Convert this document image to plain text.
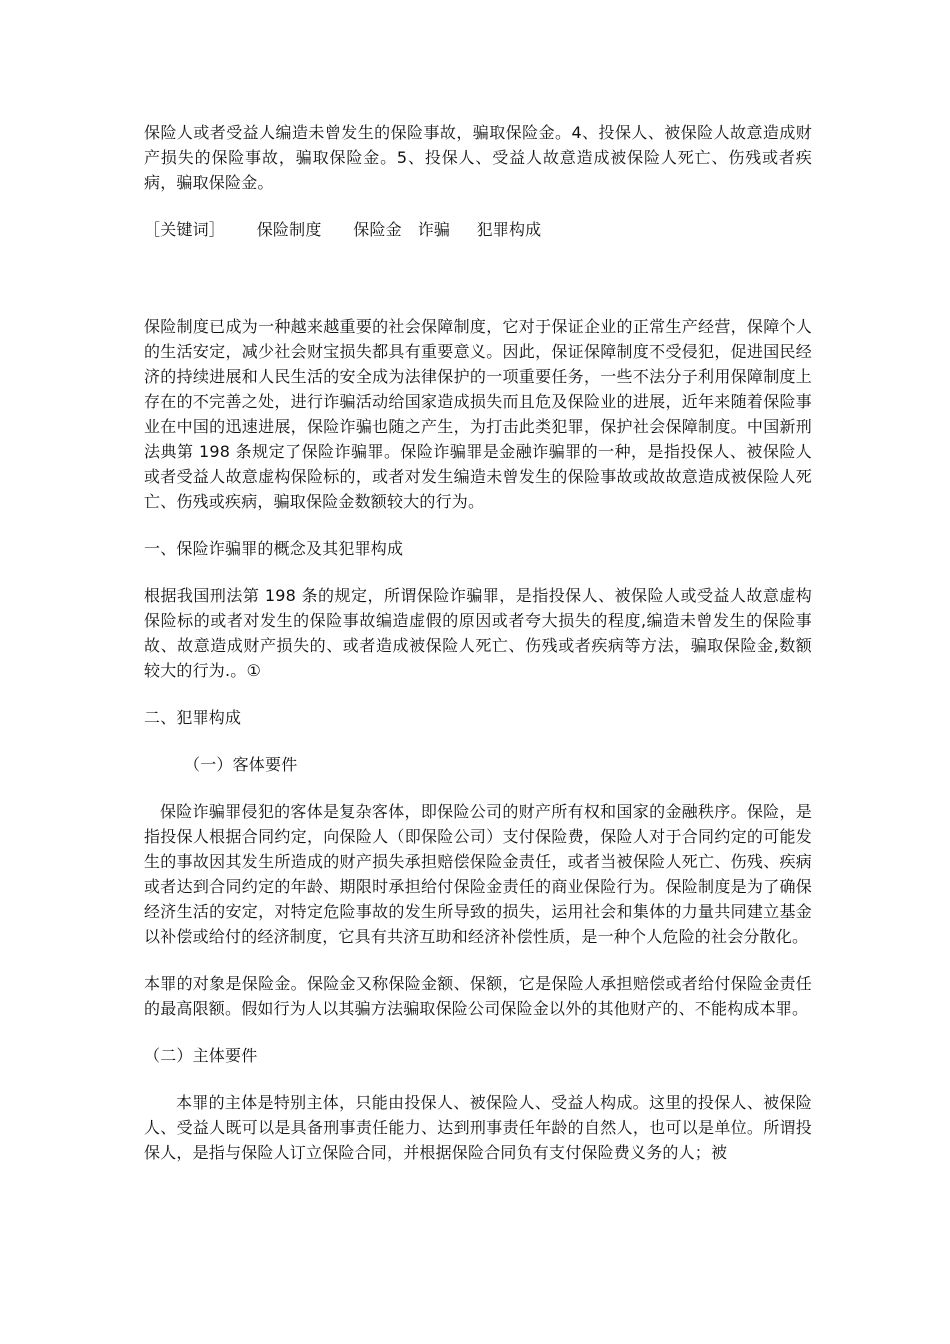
保险人或者受益人编造未曾发生的保险事故，骗取保险金。4、投保人、被保险人故意造成财产损失的保险事故，骗取保险金。5、投保人、受益人故意造成被保险人死亡、伤残或者疾病，骗取保险金。

［关键词］ 保险制度 保险金 诈骗 犯罪构成

保险制度已成为一种越来越重要的社会保障制度，它对于保证企业的正常生产经营，保障个人的生活安定，减少社会财宝损失都具有重要意义。因此，保证保障制度不受侵犯，促进国民经济的持续进展和人民生活的安全成为法律保护的一项重要任务，一些不法分子利用保障制度上存在的不完善之处，进行诈骗活动给国家造成损失而且危及保险业的进展，近年来随着保险事业在中国的迅速进展，保险诈骗也随之产生，为打击此类犯罪，保护社会保障制度。中国新刑法典第 198 条规定了保险诈骗罪。保险诈骗罪是金融诈骗罪的一种，是指投保人、被保险人或者受益人故意虚构保险标的，或者对发生编造未曾发生的保险事故或故故意造成被保险人死亡、伤残或疾病，骗取保险金数额较大的行为。

一、保险诈骗罪的概念及其犯罪构成

根据我国刑法第 198 条的规定，所谓保险诈骗罪，是指投保人、被保险人或受益人故意虚构保险标的或者对发生的保险事故编造虚假的原因或者夸大损失的程度,编造未曾发生的保险事故、故意造成财产损失的、或者造成被保险人死亡、伤残或者疾病等方法，骗取保险金,数额较大的行为.。①

二、犯罪构成

（一）客体要件

保险诈骗罪侵犯的客体是复杂客体，即保险公司的财产所有权和国家的金融秩序。保险，是指投保人根据合同约定，向保险人（即保险公司）支付保险费，保险人对于合同约定的可能发生的事故因其发生所造成的财产损失承担赔偿保险金责任，或者当被保险人死亡、伤残、疾病或者达到合同约定的年龄、期限时承担给付保险金责任的商业保险行为。保险制度是为了确保经济生活的安定，对特定危险事故的发生所导致的损失，运用社会和集体的力量共同建立基金以补偿或给付的经济制度，它具有共济互助和经济补偿性质，是一种个人危险的社会分散化。

本罪的对象是保险金。保险金又称保险金额、保额，它是保险人承担赔偿或者给付保险金责任的最高限额。假如行为人以其骗方法骗取保险公司保险金以外的其他财产的、不能构成本罪。

（二）主体要件

本罪的主体是特别主体，只能由投保人、被保险人、受益人构成。这里的投保人、被保险人、受益人既可以是具备刑事责任能力、达到刑事责任年龄的自然人，也可以是单位。所谓投保人，是指与保险人订立保险合同，并根据保险合同负有支付保险费义务的人；被
